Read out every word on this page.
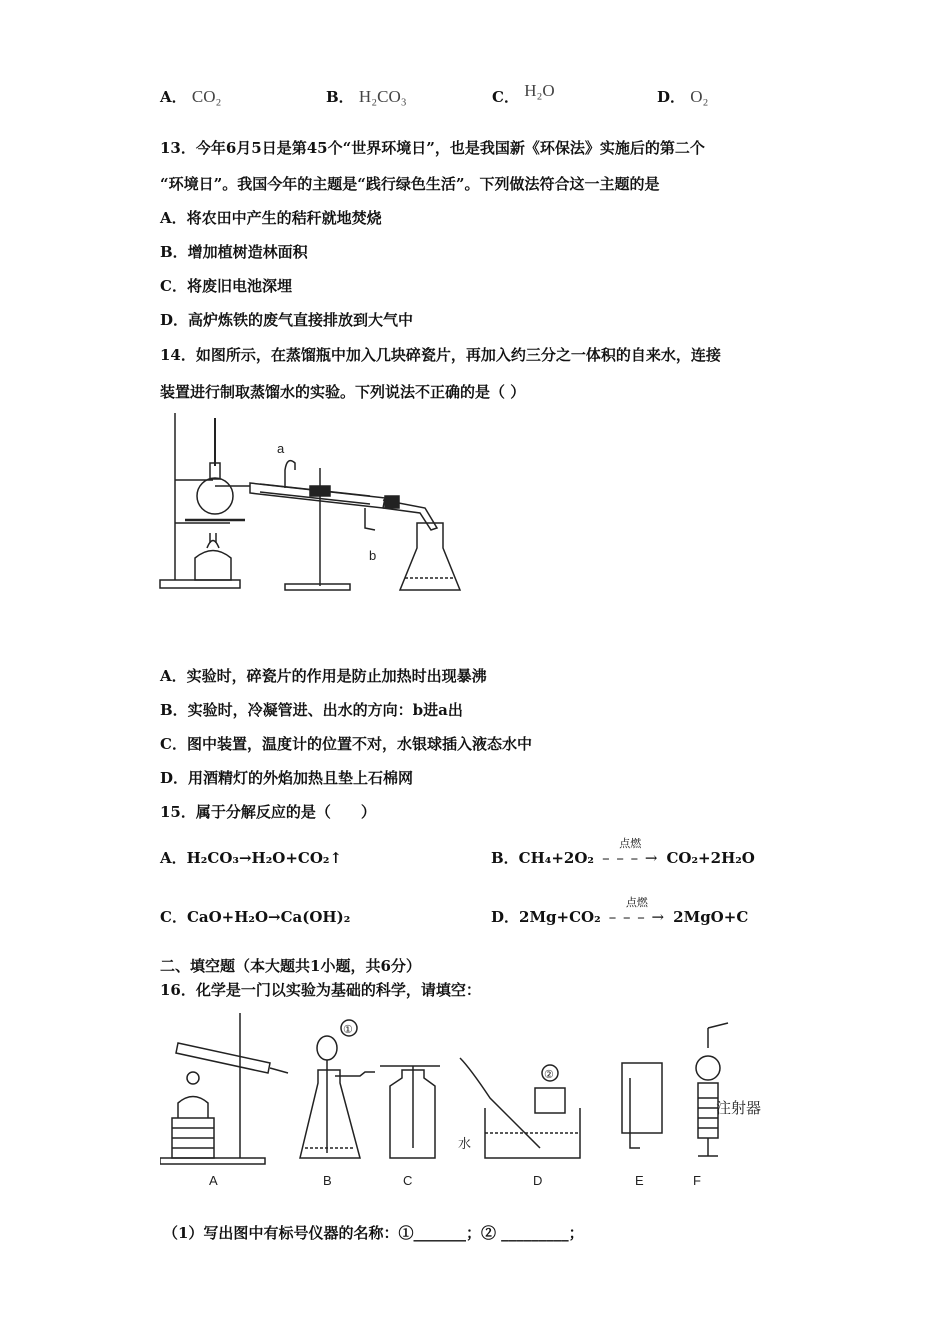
A． CO₂	B． H₂CO₃	C． H₂O	D． O₂
13．今年6月5日是第45个“世界环境日”，也是我国新《环保法》实施后的第二个
“环境日”。我国今年的主题是“践行绿色生活”。下列做法符合这一主题的是
A．将农田中产生的秸秆就地焚烧
B．增加植树造林面积
C．将废旧电池深埋
D．高炉炼铁的废气直接排放到大气中
14．如图所示，在蒸馏瓶中加入几块碎瓷片，再加入约三分之一体积的自来水，连接
装置进行制取蒸馏水的实验。下列说法不正确的是（ ）
a
b
A．实验时，碎瓷片的作用是防止加热时出现暴沸
B．实验时，冷凝管进、出水的方向：b进a出
C．图中装置，温度计的位置不对，水银球插入液态水中
D．用酒精灯的外焰加热且垫上石棉网
15．属于分解反应的是（　　）
A．H₂CO₃→H₂O+CO₂↑	B．CH₄+2O₂
点燃
– – – → CO₂+2H₂O
C．CaO+H₂O→Ca(OH)₂	D．2Mg+CO₂
点燃
– – – → 2MgO+C
二、填空题（本大题共1小题，共6分）
16．化学是一门以实验为基础的科学，请填空：
A	B	C	D	E	F
①
②
水
注射器
（1）写出图中有标号仪器的名称：①_______；② _________；
